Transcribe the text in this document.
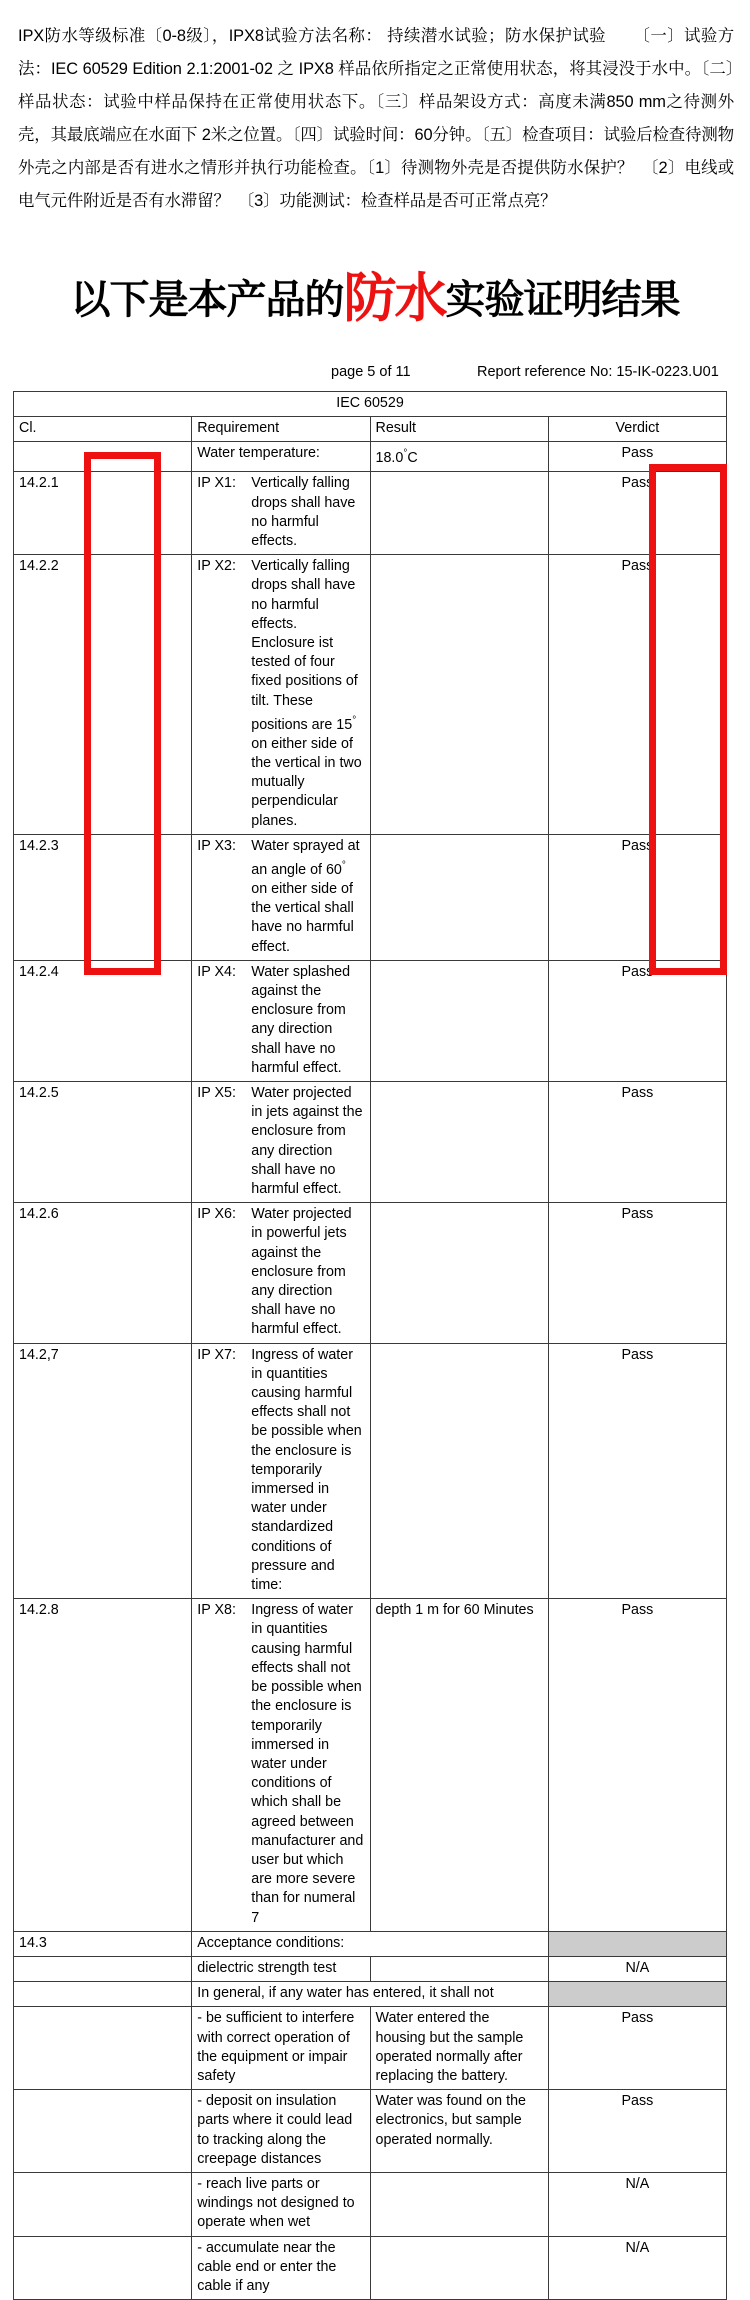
IPX防水等级标准〔0-8级〕，IPX8试验方法名称： 持续潜水试验；防水保护试验 〔一〕试验方法：IEC 60529 Edition 2.1:2001-02 之 IPX8 样品依所指定之正常使用状态，将其浸没于水中。〔二〕样品状态：试验中样品保持在正常使用状态下。〔三〕样品架设方式：高度未满850 mm之待测外壳，其最底端应在水面下 2米之位置。〔四〕试验时间：60分钟。〔五〕检查项目：试验后检查待测物外壳之内部是否有进水之情形并执行功能检查。〔1〕待测物外壳是否提供防水保护？　〔2〕电线或电气元件附近是否有水滞留？　〔3〕功能测试：检查样品是否可正常点亮？
以下是本产品的防水实验证明结果
page 5 of 11	Report reference No: 15-IK-0223.U01
IEC 60529			
Cl.	Requirement	Result	Verdict
	Water temperature:	18.0°C	Pass
14.2.1	IP X1: Vertically falling drops shall have no harmful effects.		Pass
14.2.2	IP X2: Vertically falling drops shall have no harmful effects. Enclosure ist tested of four fixed positions of tilt. These positions are 15° on either side of the vertical in two mutually perpendicular planes.		Pass
14.2.3	IP X3: Water sprayed at an angle of 60° on either side of the vertical shall have no harmful effect.		Pass
14.2.4	IP X4: Water splashed against the enclosure from any direction shall have no harmful effect.		Pass
14.2.5	IP X5: Water projected in jets against the enclosure from any direction shall have no harmful effect.		Pass
14.2.6	IP X6: Water projected in powerful jets against the enclosure from any direction shall have no harmful effect.		Pass
14.2,7	IP X7: Ingress of water in quantities causing harmful effects shall not be possible when the enclosure is temporarily immersed in water under standardized conditions of pressure and time:		Pass
14.2.8	IP X8: Ingress of water in quantities causing harmful effects shall not be possible when the enclosure is temporarily immersed in water under conditions of which shall be agreed between manufacturer and user but which are more severe than for numeral 7	depth 1 m for 60 Minutes	Pass
14.3	Acceptance conditions:		
	dielectric strength test		N/A
	In general, if any water has entered, it shall not		
	- be sufficient to interfere with correct operation of the equipment or impair safety	Water entered the housing but the sample operated normally after replacing the battery.	Pass
	- deposit on insulation parts where it could lead to tracking along the creepage distances	Water was found on the electronics, but sample operated normally.	Pass
	- reach live parts or windings not designed to operate when wet		N/A
	- accumulate near the cable end or enter the cable if any		N/A
